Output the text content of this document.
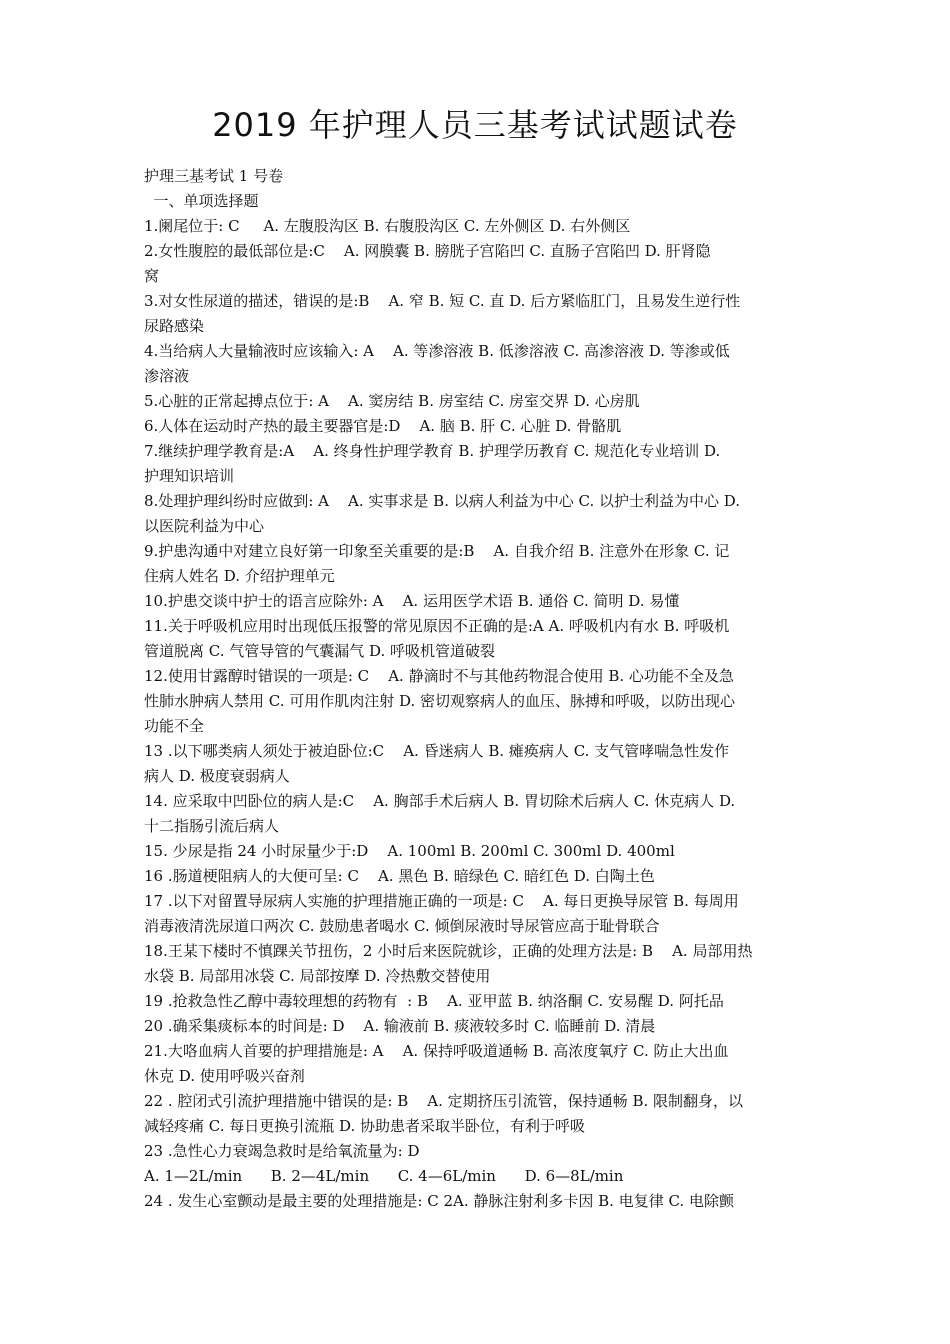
2019 年护理人员三基考试试题试卷
护理三基考试 1 号卷
一、单项选择题
1.阑尾位于: C     A. 左腹股沟区 B. 右腹股沟区 C. 左外侧区 D. 右外侧区
2.女性腹腔的最低部位是:C    A. 网膜囊 B. 膀胱子宫陷凹 C. 直肠子宫陷凹 D. 肝肾隐
窝
3.对女性尿道的描述，错误的是:B    A. 窄 B. 短 C. 直 D. 后方紧临肛门，且易发生逆行性
尿路感染
4.当给病人大量输液时应该输入: A    A. 等渗溶液 B. 低渗溶液 C. 高渗溶液 D. 等渗或低
渗溶液
5.心脏的正常起搏点位于: A    A. 窦房结 B. 房室结 C. 房室交界 D. 心房肌
6.人体在运动时产热的最主要器官是:D    A. 脑 B. 肝 C. 心脏 D. 骨骼肌
7.继续护理学教育是:A    A. 终身性护理学教育 B. 护理学历教育 C. 规范化专业培训 D.
护理知识培训
8.处理护理纠纷时应做到: A    A. 实事求是 B. 以病人利益为中心 C. 以护士利益为中心 D.
以医院利益为中心
9.护患沟通中对建立良好第一印象至关重要的是:B    A. 自我介绍 B. 注意外在形象 C. 记
住病人姓名 D. 介绍护理单元
10.护患交谈中护士的语言应除外: A    A. 运用医学术语 B. 通俗 C. 简明 D. 易懂
11.关于呼吸机应用时出现低压报警的常见原因不正确的是:A A. 呼吸机内有水 B. 呼吸机
管道脱离 C. 气管导管的气囊漏气 D. 呼吸机管道破裂
12.使用甘露醇时错误的一项是: C    A. 静滴时不与其他药物混合使用 B. 心功能不全及急
性肺水肿病人禁用 C. 可用作肌肉注射 D. 密切观察病人的血压、脉搏和呼吸，以防出现心
功能不全
13 .以下哪类病人须处于被迫卧位:C    A. 昏迷病人 B. 瘫痪病人 C. 支气管哮喘急性发作
病人 D. 极度衰弱病人
14. 应采取中凹卧位的病人是:C    A. 胸部手术后病人 B. 胃切除术后病人 C. 休克病人 D.
十二指肠引流后病人
15. 少尿是指 24 小时尿量少于:D    A. 100ml B. 200ml C. 300ml D. 400ml
16 .肠道梗阻病人的大便可呈: C    A. 黑色 B. 暗绿色 C. 暗红色 D. 白陶土色
17 .以下对留置导尿病人实施的护理措施正确的一项是: C    A. 每日更换导尿管 B. 每周用
消毒液清洗尿道口两次 C. 鼓励患者喝水 C. 倾倒尿液时导尿管应高于耻骨联合
18.王某下楼时不慎踝关节扭伤，2 小时后来医院就诊，正确的处理方法是: B    A. 局部用热
水袋 B. 局部用冰袋 C. 局部按摩 D. 冷热敷交替使用
19 .抢救急性乙醇中毒较理想的药物有  : B    A. 亚甲蓝 B. 纳洛酮 C. 安易醒 D. 阿托品
20 .确采集痰标本的时间是: D    A. 输液前 B. 痰液较多时 C. 临睡前 D. 清晨
21.大咯血病人首要的护理措施是: A    A. 保持呼吸道通畅 B. 高浓度氧疗 C. 防止大出血
休克 D. 使用呼吸兴奋剂
22 . 腔闭式引流护理措施中错误的是: B    A. 定期挤压引流管，保持通畅 B. 限制翻身，以
减轻疼痛 C. 每日更换引流瓶 D. 协助患者采取半卧位，有利于呼吸
23 .急性心力衰竭急救时是给氧流量为: D
A. 1—2L/min      B. 2—4L/min      C. 4—6L/min      D. 6—8L/min
24 . 发生心室颤动是最主要的处理措施是: C 2A. 静脉注射利多卡因 B. 电复律 C. 电除颤
